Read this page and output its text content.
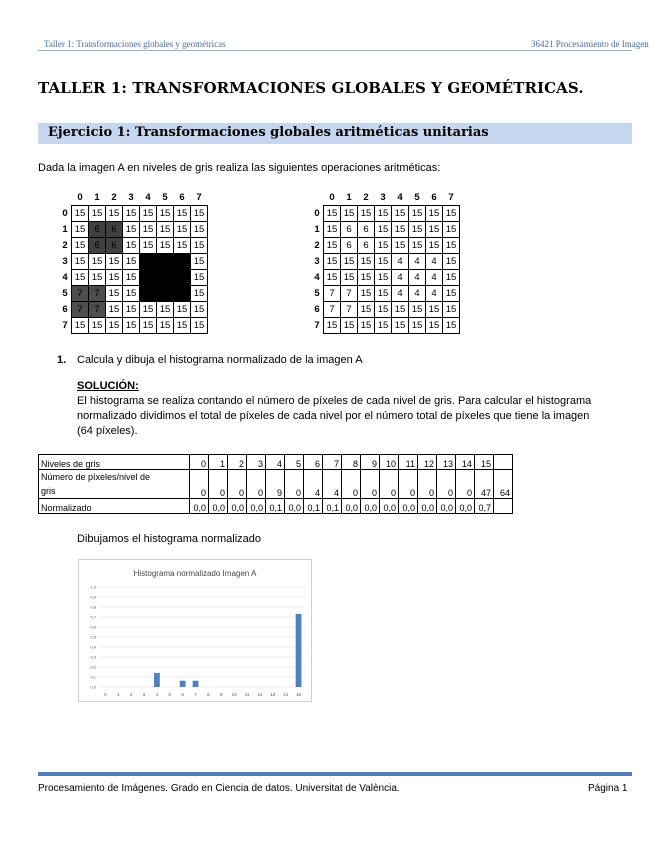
Taller 1: Transformaciones globales y geométricas	36421 Procesamiento de Imagen
TALLER 1: TRANSFORMACIONES GLOBALES Y GEOMÉTRICAS.
Ejercicio 1: Transformaciones globales aritméticas unitarias
Dada la imagen A en niveles de gris realiza las siguientes operaciones aritméticas:
	0	1	2	3	4	5	6	7
0	15	15	15	15	15	15	15	15
1	15	6	6	15	15	15	15	15
2	15	6	6	15	15	15	15	15
3	15	15	15	15				15
4	15	15	15	15				15
5	7	7	15	15				15
6	7	7	15	15	15	15	15	15
7	15	15	15	15	15	15	15	15
	0	1	2	3	4	5	6	7
0	15	15	15	15	15	15	15	15
1	15	6	6	15	15	15	15	15
2	15	6	6	15	15	15	15	15
3	15	15	15	15	4	4	4	15
4	15	15	15	15	4	4	4	15
5	7	7	15	15	4	4	4	15
6	7	7	15	15	15	15	15	15
7	15	15	15	15	15	15	15	15
1. Calcula y dibuja el histograma normalizado de la imagen A
SOLUCIÓN:
El histograma se realiza contando el número de píxeles de cada nivel de gris. Para calcular el histograma
normalizado dividimos el total de píxeles de cada nivel por el número total de píxeles que tiene la imagen
(64 píxeles).
Niveles de gris	0	1	2	3	4	5	6	7	8	9	10	11	12	13	14	15	
Número de píxeles/nivel de
gris	0	0	0	0	9	0	4	4	0	0	0	0	0	0	0	47	64
Normalizado	0,0	0,0	0,0	0,0	0,1	0,0	0,1	0,1	0,0	0,0	0,0	0,0	0,0	0,0	0,0	0,7	
Dibujamos el histograma normalizado
Histograma normalizado Imagen A
0,0
0,1
0,2
0,3
0,4
0,5
0,6
0,7
0,8
0,9
1,0
0 1 2 3 4 5 6 7 8 9 10 11 12 13 14 15
Procesamiento de Imágenes. Grado en Ciencia de datos. Universitat de València.	Página 1
